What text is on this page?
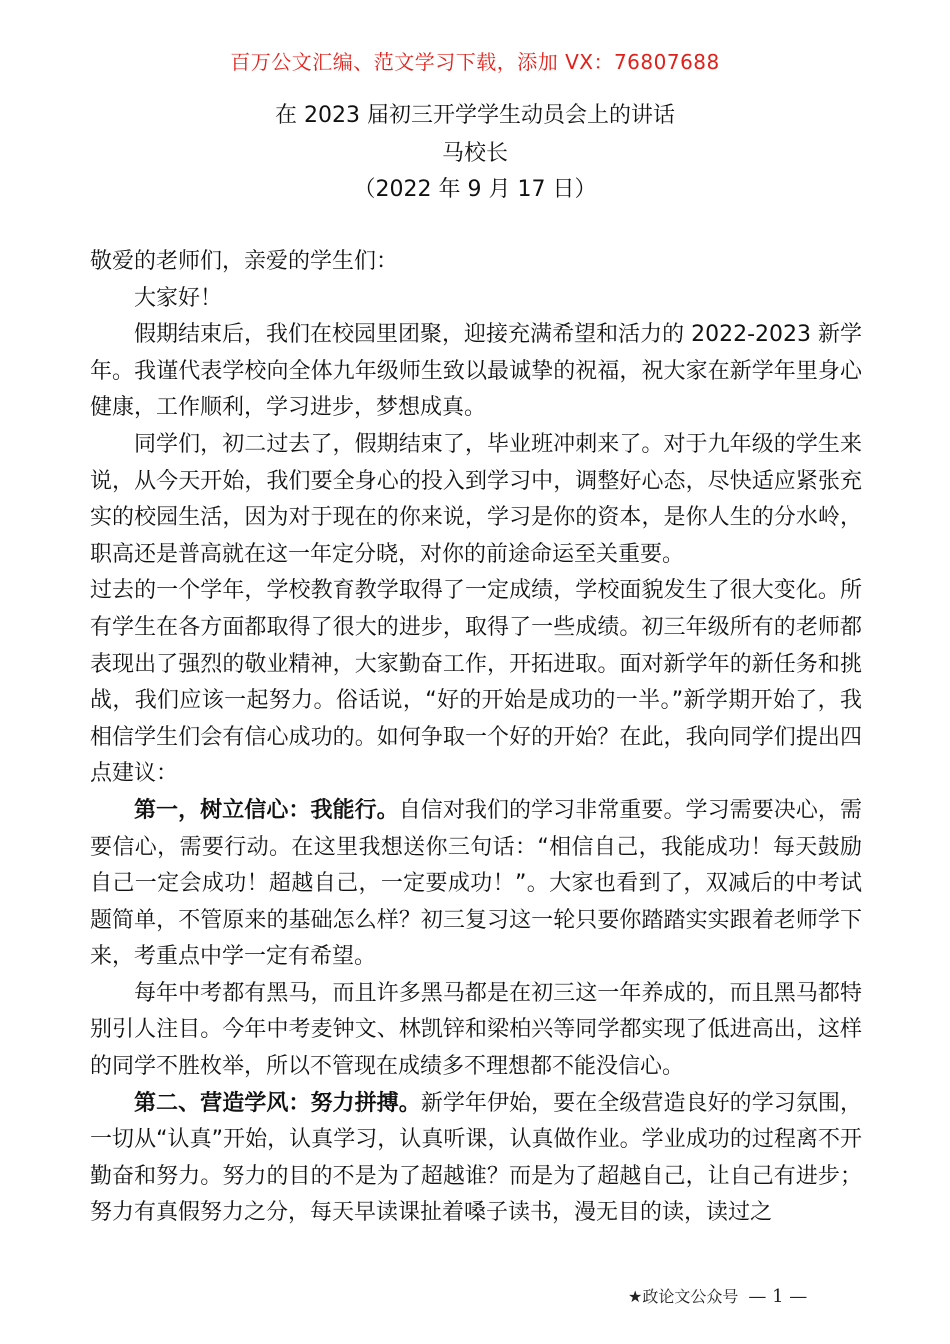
百万公文汇编、范文学习下载，添加 VX：76807688
在 2023 届初三开学学生动员会上的讲话
马校长
（2022 年 9 月 17 日）

敬爱的老师们，亲爱的学生们：

大家好！

假期结束后，我们在校园里团聚，迎接充满希望和活力的 2022-2023 新学年。我谨代表学校向全体九年级师生致以最诚挚的祝福，祝大家在新学年里身心健康，工作顺利，学习进步，梦想成真。

同学们，初二过去了，假期结束了，毕业班冲刺来了。对于九年级的学生来说，从今天开始，我们要全身心的投入到学习中，调整好心态，尽快适应紧张充实的校园生活，因为对于现在的你来说，学习是你的资本，是你人生的分水岭，职高还是普高就在这一年定分晓，对你的前途命运至关重要。

过去的一个学年，学校教育教学取得了一定成绩，学校面貌发生了很大变化。所有学生在各方面都取得了很大的进步，取得了一些成绩。初三年级所有的老师都表现出了强烈的敬业精神，大家勤奋工作，开拓进取。面对新学年的新任务和挑战，我们应该一起努力。俗话说，“好的开始是成功的一半。”新学期开始了，我相信学生们会有信心成功的。如何争取一个好的开始？在此，我向同学们提出四点建议：

第一，树立信心：我能行。自信对我们的学习非常重要。学习需要决心，需要信心，需要行动。在这里我想送你三句话：“相信自己，我能成功！每天鼓励自己一定会成功！超越自己，一定要成功！”。大家也看到了，双减后的中考试题简单，不管原来的基础怎么样？初三复习这一轮只要你踏踏实实跟着老师学下来，考重点中学一定有希望。

每年中考都有黑马，而且许多黑马都是在初三这一年养成的，而且黑马都特别引人注目。今年中考麦钟文、林凯锌和梁柏兴等同学都实现了低进高出，这样的同学不胜枚举，所以不管现在成绩多不理想都不能没信心。

第二、营造学风：努力拼搏。新学年伊始，要在全级营造良好的学习氛围，一切从“认真”开始，认真学习，认真听课，认真做作业。学业成功的过程离不开勤奋和努力。努力的目的不是为了超越谁？而是为了超越自己，让自己有进步；努力有真假努力之分，每天早读课扯着嗓子读书，漫无目的读，读过之

★政论文公众号 — 1 —
